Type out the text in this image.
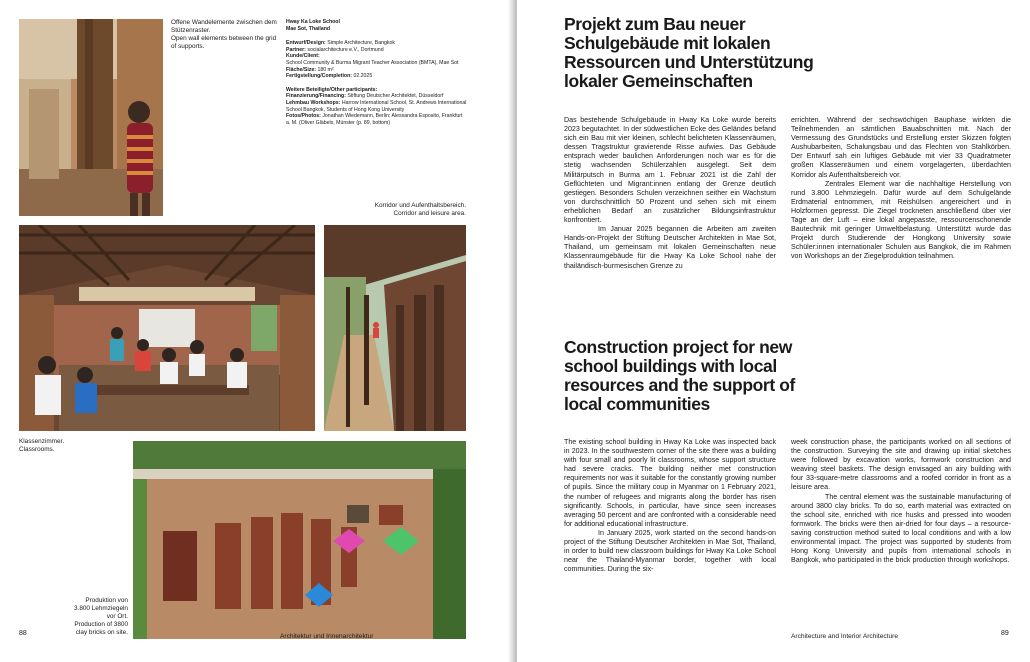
Offene Wandelemente zwischen dem Stützenraster.
Open wall elements between the grid of supports.
Hway Ka Loke School
Mae Sot, Thailand
Entwurf/Design: Simple Architecture, Bangkok
Partner: socialarchitecture e.V., Dortmund
Kunde/Client:
School Community & Burma Migrant Teacher Association (BMTA), Mae Sot
Fläche/Size: 180 m²
Fertigstellung/Completion: 02.2025
Weitere Beteiligte/Other participants:
Finanzierung/Financing: Stiftung Deutscher Architektet, Düsseldorf
Lehmbau Workshops: Harrow International School, St. Andrews International School Bangkok, Students of Hong Kong University
Fotos/Photos: Jonathan Wiedemann, Berlin; Alessandra Esposito, Frankfurt a. M. (Oliver Gläbels, Münster (p. 89, bottom)
Korridor und Aufenthaltsbereich.
Corridor and leisure area.
Klassenzimmer.
Classrooms.
Produktion von
3.800 Lehmziegeln
vor Ort.
Production of 3800
clay bricks on site.
88	Architektur und Innenarchitektur
Projekt zum Bau neuer Schulgebäude mit lokalen Ressourcen und Unterstützung lokaler Gemeinschaften

Das bestehende Schulgebäude in Hway Ka Loke wurde bereits 2023 begutachtet. In der südwestlichen Ecke des Geländes befand sich ein Bau mit vier kleinen, schlecht belichteten Klassenräumen, dessen Tragstruktur gravierende Risse aufwies. Das Gebäude entsprach weder baulichen Anforderungen noch war es für die stetig wachsenden Schülerzahlen ausgelegt. Seit dem Militärputsch in Burma am 1. Februar 2021 ist die Zahl der Geflüchteten und Migrant:innen entlang der Grenze deutlich gestiegen. Besonders Schulen verzeichnen seither ein Wachstum von durchschnittlich 50 Prozent und sehen sich mit einem erheblichen Bedarf an zusätzlicher Bildungsinfrastruktur konfrontiert.

Im Januar 2025 begannen die Arbeiten am zweiten Hands-on-Projekt der Stiftung Deutscher Architekten in Mae Sot, Thailand, um gemeinsam mit lokalen Gemeinschaften neue Klassenraumgebäude für die Hway Ka Loke School nahe der thailändisch-burmesischen Grenze zu

errichten. Während der sechswöchigen Bauphase wirkten die Teilnehmenden an sämtlichen Bauabschnitten mit. Nach der Vermessung des Grundstücks und Erstellung erster Skizzen folgten Aushubarbeiten, Schalungsbau und das Flechten von Stahlkörben. Der Entwurf sah ein luftiges Gebäude mit vier 33 Quadratmeter großen Klassenräumen und einem vorgelagerten, überdachten Korridor als Aufenthaltsbereich vor.

Zentrales Element war die nachhaltige Herstellung von rund 3.800 Lehmziegeln. Dafür wurde auf dem Schulgelände Erdmaterial entnommen, mit Reishülsen angereichert und in Holzformen gepresst. Die Ziegel trockneten anschließend über vier Tage an der Luft – eine lokal angepasste, ressourcenschonende Bautechnik mit geringer Umweltbelastung. Unterstützt wurde das Projekt durch Studierende der Hongkong University sowie Schüler:innen internationaler Schulen aus Bangkok, die im Rahmen von Workshops an der Ziegelproduktion teilnahmen.

Construction project for new school buildings with local resources and the support of local communities

The existing school building in Hway Ka Loke was inspected back in 2023. In the southwestern corner of the site there was a building with four small and poorly lit classrooms, whose support structure had severe cracks. The building neither met construction requirements nor was it suitable for the constantly growing number of pupils. Since the military coup in Myanmar on 1 February 2021, the number of refugees and migrants along the border has risen significantly. Schools, in particular, have since seen increases averaging 50 percent and are confronted with a considerable need for additional educational infrastructure.

In January 2025, work started on the second hands-on project of the Stiftung Deutscher Architekten in Mae Sot, Thailand, in order to build new classroom buildings for Hway Ka Loke School near the Thailand-Myanmar border, together with local communities. During the six-

week construction phase, the participants worked on all sections of the construction. Surveying the site and drawing up initial sketches were followed by excavation works, formwork construction and weaving steel baskets. The design envisaged an airy building with four 33-square-metre classrooms and a roofed corridor in front as a leisure area.

The central element was the sustainable manufacturing of around 3800 clay bricks. To do so, earth material was extracted on the school site, enriched with rice husks and pressed into wooden formwork. The bricks were then air-dried for four days – a resource-saving construction method suited to local conditions and with a low environmental impact. The project was supported by students from Hong Kong University and pupils from international schools in Bangkok, who participated in the brick production through workshops.

Architecture and Interior Architecture	89
